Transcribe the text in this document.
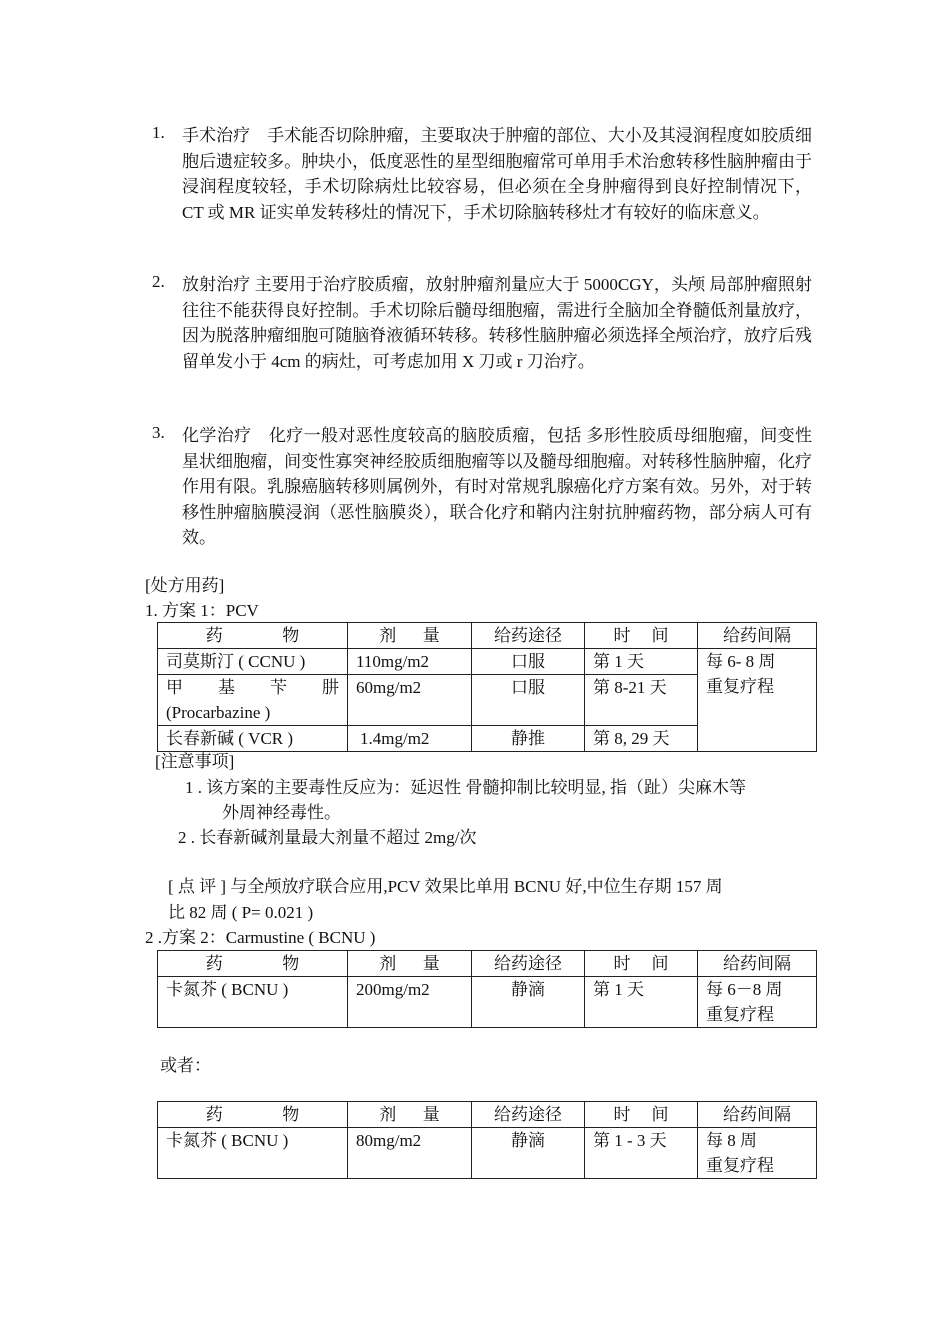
1.	手术治疗　手术能否切除肿瘤，主要取决于肿瘤的部位、大小及其浸润程度如胶质细胞后遗症较多。肿块小，低度恶性的星型细胞瘤常可单用手术治愈转移性脑肿瘤由于浸润程度较轻，手术切除病灶比较容易，但必须在全身肿瘤得到良好控制情况下，CT 或 MR 证实单发转移灶的情况下，手术切除脑转移灶才有较好的临床意义。

2.	放射治疗 主要用于治疗胶质瘤，放射肿瘤剂量应大于 5000CGY，头颅 局部肿瘤照射往往不能获得良好控制。手术切除后髓母细胞瘤，需进行全脑加全脊髓低剂量放疗，因为脱落肿瘤细胞可随脑脊液循环转移。转移性脑肿瘤必须选择全颅治疗，放疗后残留单发小于 4cm 的病灶，可考虑加用 X 刀或 r 刀治疗。

3.	化学治疗　化疗一般对恶性度较高的脑胶质瘤，包括 多形性胶质母细胞瘤，间变性星状细胞瘤，间变性寡突神经胶质细胞瘤等以及髓母细胞瘤。对转移性脑肿瘤，化疗作用有限。乳腺癌脑转移则属例外，有时对常规乳腺癌化疗方案有效。另外，对于转移性肿瘤脑膜浸润（恶性脑膜炎），联合化疗和鞘内注射抗肿瘤药物，部分病人可有效。

[处方用药]
1. 方案 1：PCV
药 物	剂 量	给药途径	时 间	给药间隔
司莫斯汀 ( CCNU )	110mg/m2	口服	第 1 天	每 6- 8 周
重复疗程

甲　基　苄　肼
(Procarbazine )	60mg/m2	口服	第 8-21 天	
长春新碱 ( VCR )	1.4mg/m2	静推	第 8, 29 天	
[注意事项]
1 . 该方案的主要毒性反应为：延迟性 骨髓抑制比较明显, 指（趾）尖麻木等
外周神经毒性。
2 . 长春新碱剂量最大剂量不超过 2mg/次
[ 点 评 ] 与全颅放疗联合应用,PCV 效果比单用 BCNU 好,中位生存期 157 周
比 82 周 ( P= 0.021 )
2 .方案 2：Carmustine ( BCNU )
药 物	剂 量	给药途径	时 间	给药间隔
卡氮芥 ( BCNU )	200mg/m2	静滴	第 1 天	每 6－8 周
重复疗程
或者：
药 物	剂 量	给药途径	时 间	给药间隔
卡氮芥 ( BCNU )	80mg/m2	静滴	第 1 - 3 天	每 8 周
重复疗程
